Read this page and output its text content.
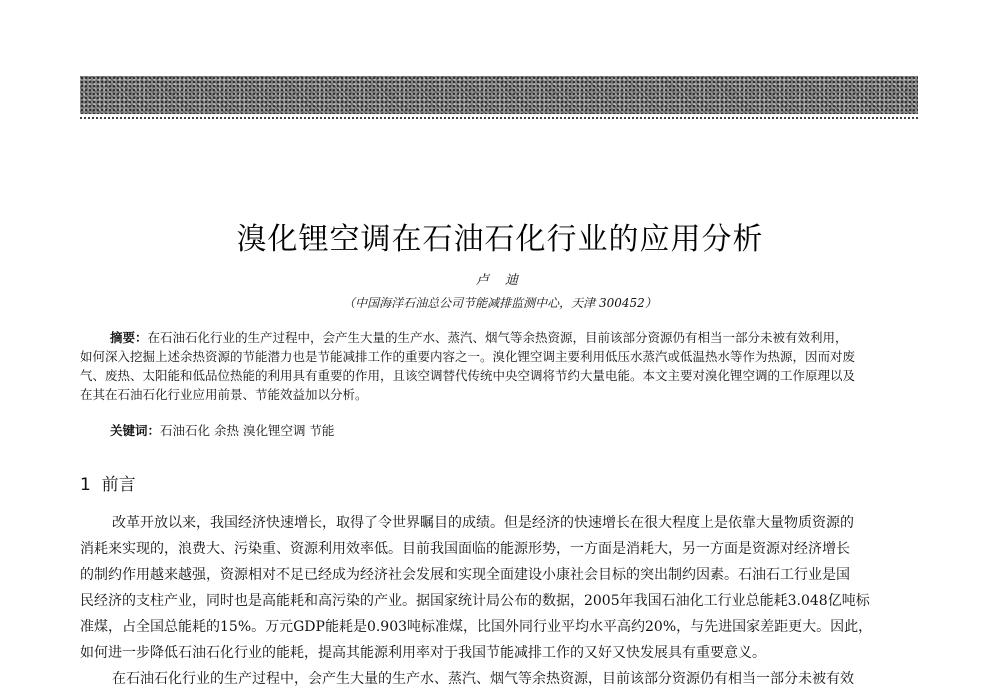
溴化锂空调在石油石化行业的应用分析
卢 迪
（中国海洋石油总公司节能减排监测中心，天津 300452）
摘要：在石油石化行业的生产过程中，会产生大量的生产水、蒸汽、烟气等余热资源，目前该部分资源仍有相当一部分未被有效利用，
如何深入挖掘上述余热资源的节能潜力也是节能减排工作的重要内容之一。溴化锂空调主要利用低压水蒸汽或低温热水等作为热源，因而对废
气、废热、太阳能和低品位热能的利用具有重要的作用，且该空调替代传统中央空调将节约大量电能。本文主要对溴化锂空调的工作原理以及
在其在石油石化行业应用前景、节能效益加以分析。
关键词：石油石化 余热 溴化锂空调 节能
1 前言
改革开放以来，我国经济快速增长，取得了令世界瞩目的成绩。但是经济的快速增长在很大程度上是依靠大量物质资源的
消耗来实现的，浪费大、污染重、资源利用效率低。目前我国面临的能源形势，一方面是消耗大，另一方面是资源对经济增长
的制约作用越来越强，资源相对不足已经成为经济社会发展和实现全面建设小康社会目标的突出制约因素。石油石工行业是国
民经济的支柱产业，同时也是高能耗和高污染的产业。据国家统计局公布的数据，2005年我国石油化工行业总能耗3.048亿吨标
准煤，占全国总能耗的15%。万元GDP能耗是0.903吨标准煤，比国外同行业平均水平高约20%，与先进国家差距更大。因此，
如何进一步降低石油石化行业的能耗，提高其能源利用率对于我国节能减排工作的又好又快发展具有重要意义。
在石油石化行业的生产过程中，会产生大量的生产水、蒸汽、烟气等余热资源，目前该部分资源仍有相当一部分未被有效
